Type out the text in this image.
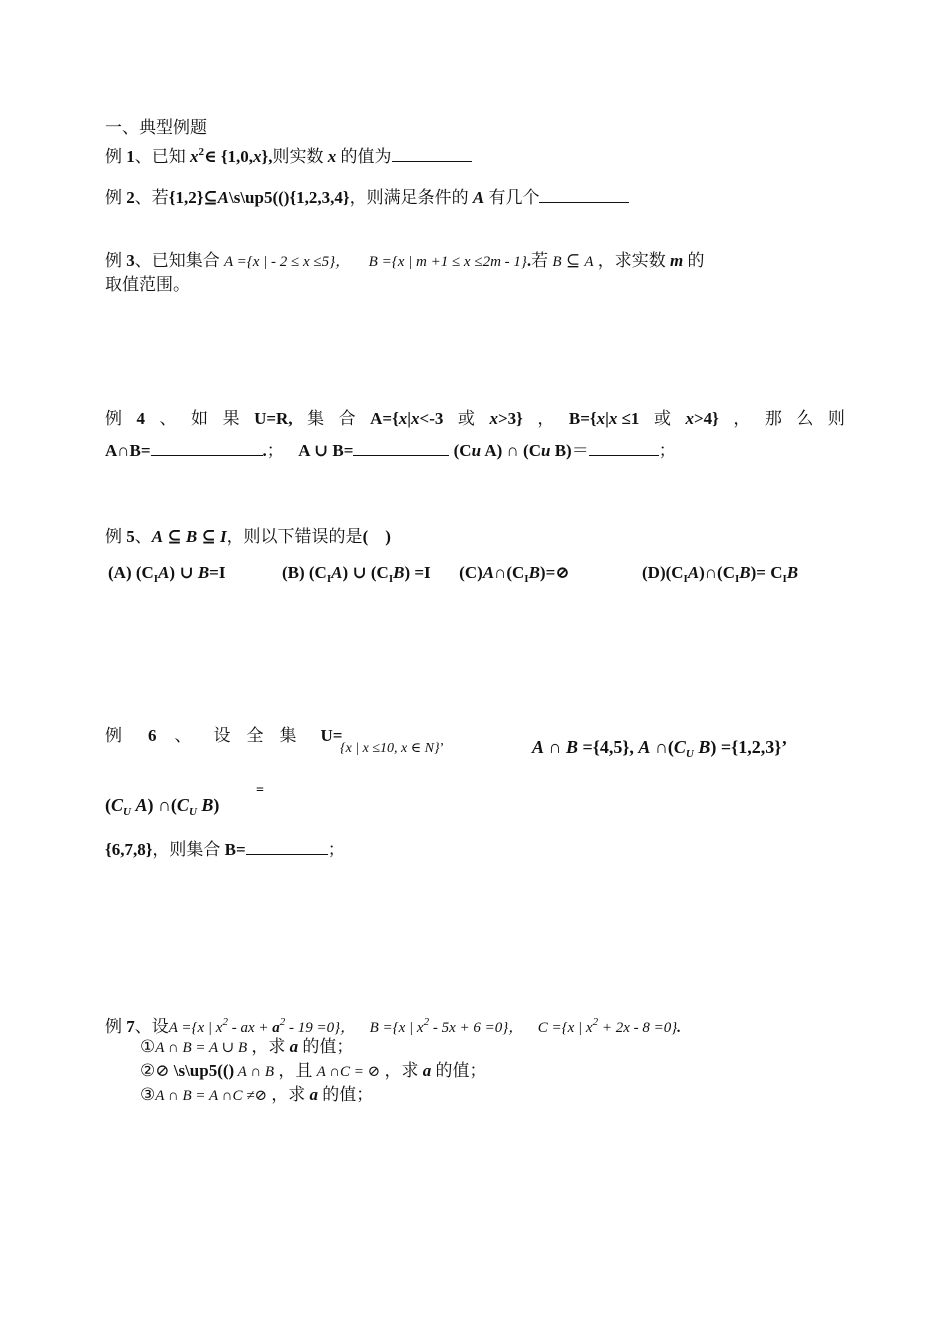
一、典型例题
例 1、已知 $x^2\in$ {1,0,x},则实数 x 的值为
例 2、若{1,2}⊆A\s\up5((){1,2,3,4}，则满足条件的 A 有几个
例 3、已知集合 A ={x | - 2 ≤ x ≤5}， B ={x | m +1 ≤ x ≤2m - 1}.若 B ⊆ A ，求实数 m 的
取值范围。
例 4 、 如 果 U=R, 集 合 A={x|x<-3 或 x>3} ， B={x|x ≤1 或 x>4} ， 那 么 则
A∩B=	.； A ∪ B=	(Cu A) ∩ (Cu B)＝	；
例 5、A ⊆ B ⊆ I，则以下错误的是(　)
(A) $(C_IA)$ ∪ B=I	(B) $(C_IA)$ ∪ $(C_IB) =I$ $(C)A\cap(C_IB)=⊘$	$(D)(C_IA)\cap(C_IB)= C_IB$
例 6 、 设 全 集 U=
{x | x ≤10, x ∈ N}’	A ∩ B ={4,5}, A $\cap(C_U$ B) ={1,2,3}’
($C_U$ A) $\cap(C_U$ B)
=
{6,7,8}，则集合 B=	；
例 7、设A ={x | $x^2$ - ax + $a^2 - 19 =0$}， B ={x | $x^2 - 5x + 6 =0$}， C ={x | $x^2 + 2x - 8 =0$}.
①A ∩ B = A ∪ B ，求 a 的值；
②⊘ \s\up5(() A ∩ B ，且 A ∩C = ⊘ ，求 a 的值；
③A ∩ B = A ∩C ≠⊘ ，求 a 的值；
